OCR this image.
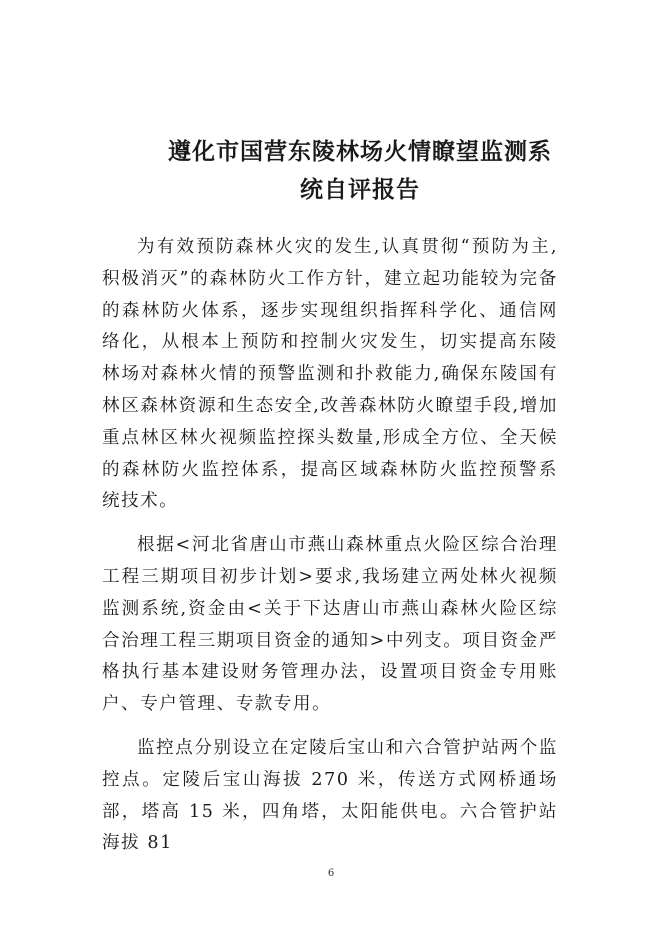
遵化市国营东陵林场火情瞭望监测系
统自评报告

为有效预防森林火灾的发生,认真贯彻“预防为主,积极消灭”的森林防火工作方针，建立起功能较为完备的森林防火体系，逐步实现组织指挥科学化、通信网络化，从根本上预防和控制火灾发生，切实提高东陵林场对森林火情的预警监测和扑救能力,确保东陵国有林区森林资源和生态安全,改善森林防火瞭望手段,增加重点林区林火视频监控探头数量,形成全方位、全天候的森林防火监控体系，提高区域森林防火监控预警系统技术。

根据<河北省唐山市燕山森林重点火险区综合治理工程三期项目初步计划>要求,我场建立两处林火视频监测系统,资金由<关于下达唐山市燕山森林火险区综合治理工程三期项目资金的通知>中列支。项目资金严格执行基本建设财务管理办法，设置项目资金专用账户、专户管理、专款专用。

监控点分别设立在定陵后宝山和六合管护站两个监控点。定陵后宝山海拔 270 米，传送方式网桥通场部，塔高 15 米，四角塔，太阳能供电。六合管护站海拔 81

6
